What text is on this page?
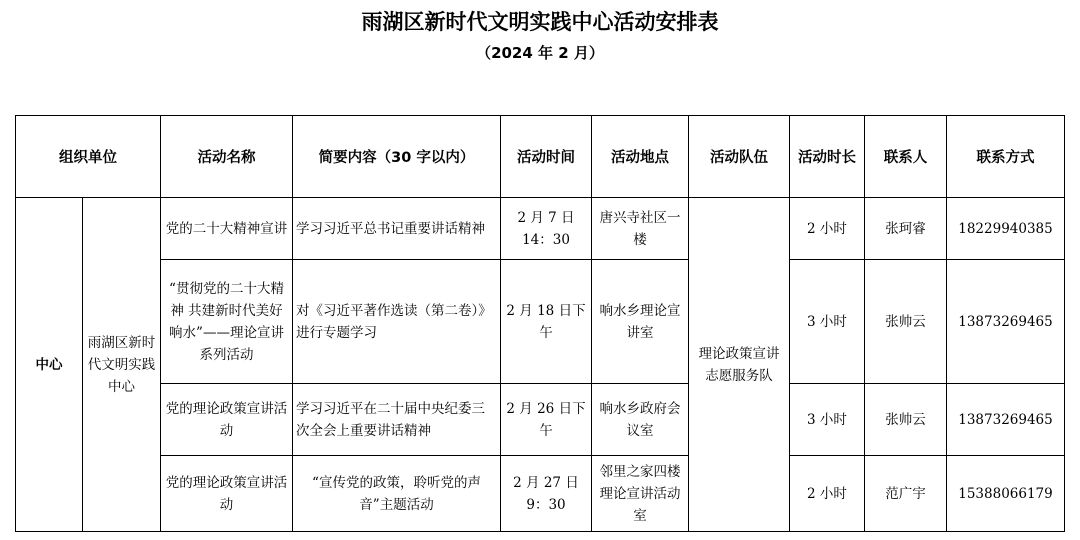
雨湖区新时代文明实践中心活动安排表
（2024 年 2 月）
组织单位		活动名称	简要内容（30 字以内）	活动时间	活动地点	活动队伍	活动时长	联系人	联系方式
中心	雨湖区新时代文明实践中心	党的二十大精神宣讲	学习习近平总书记重要讲话精神	2 月 7 日 14：30	唐兴寺社区一楼	理论政策宣讲志愿服务队	2 小时	张珂睿	18229940385
		“贯彻党的二十大精神 共建新时代美好响水”——理论宣讲系列活动	对《习近平著作选读（第二卷）》进行专题学习	2 月 18 日下午	响水乡理论宣讲室		3 小时	张帅云	13873269465
		党的理论政策宣讲活动	学习习近平在二十届中央纪委三次全会上重要讲话精神	2 月 26 日下午	响水乡政府会议室		3 小时	张帅云	13873269465
		党的理论政策宣讲活动	“宣传党的政策，聆听党的声音”主题活动	2 月 27 日 9：30	邻里之家四楼理论宣讲活动室		2 小时	范广宇	15388066179
